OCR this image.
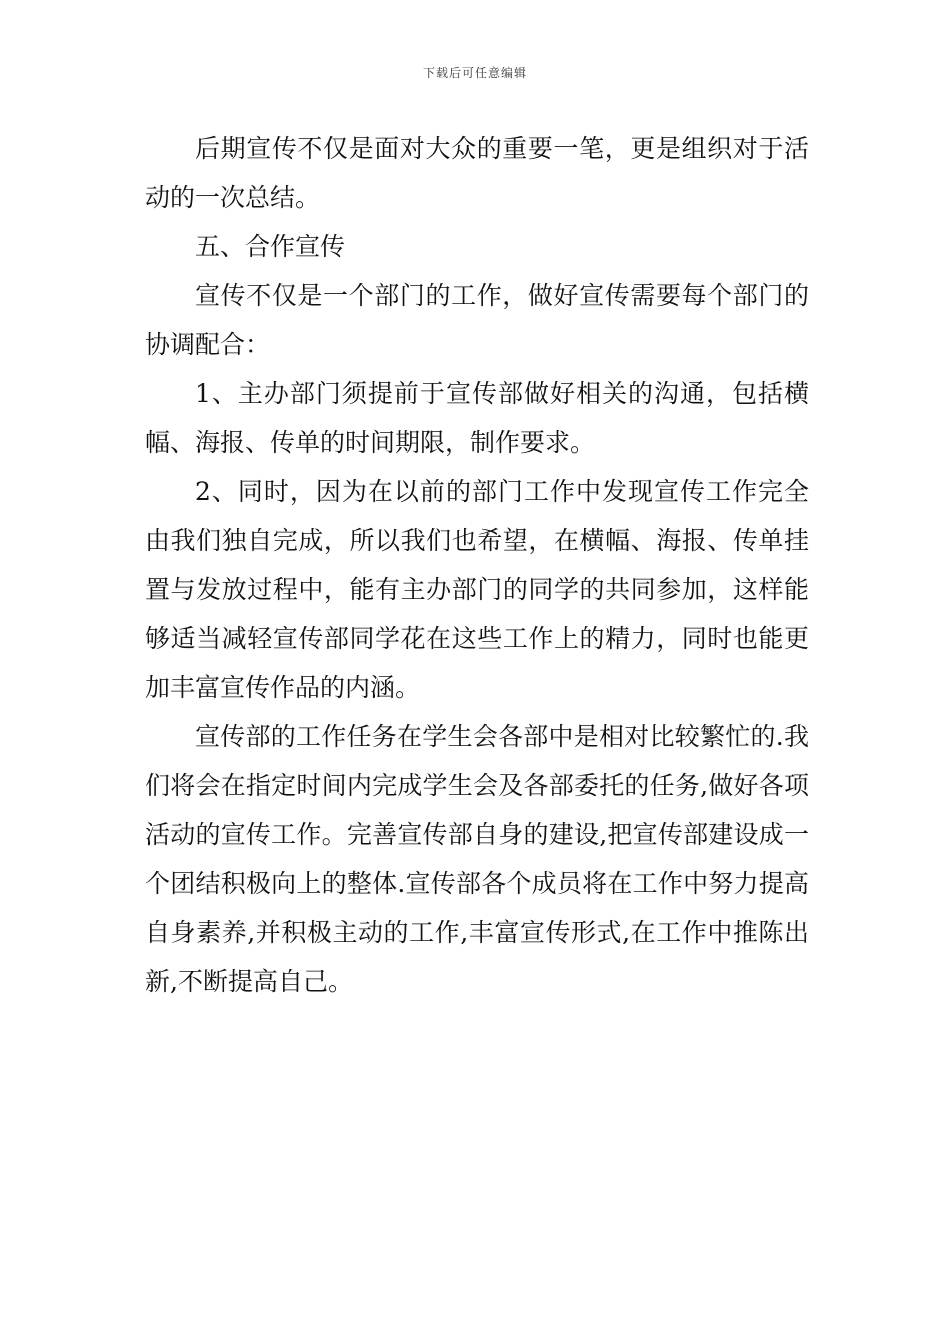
下载后可任意编辑

后期宣传不仅是面对大众的重要一笔，更是组织对于活动的一次总结。

五、合作宣传

宣传不仅是一个部门的工作，做好宣传需要每个部门的协调配合：

1、主办部门须提前于宣传部做好相关的沟通，包括横幅、海报、传单的时间期限，制作要求。

2、同时，因为在以前的部门工作中发现宣传工作完全由我们独自完成，所以我们也希望，在横幅、海报、传单挂置与发放过程中，能有主办部门的同学的共同参加，这样能够适当减轻宣传部同学花在这些工作上的精力，同时也能更加丰富宣传作品的内涵。

宣传部的工作任务在学生会各部中是相对比较繁忙的.我们将会在指定时间内完成学生会及各部委托的任务,做好各项活动的宣传工作。完善宣传部自身的建设,把宣传部建设成一个团结积极向上的整体.宣传部各个成员将在工作中努力提高自身素养,并积极主动的工作,丰富宣传形式,在工作中推陈出新,不断提高自己。
